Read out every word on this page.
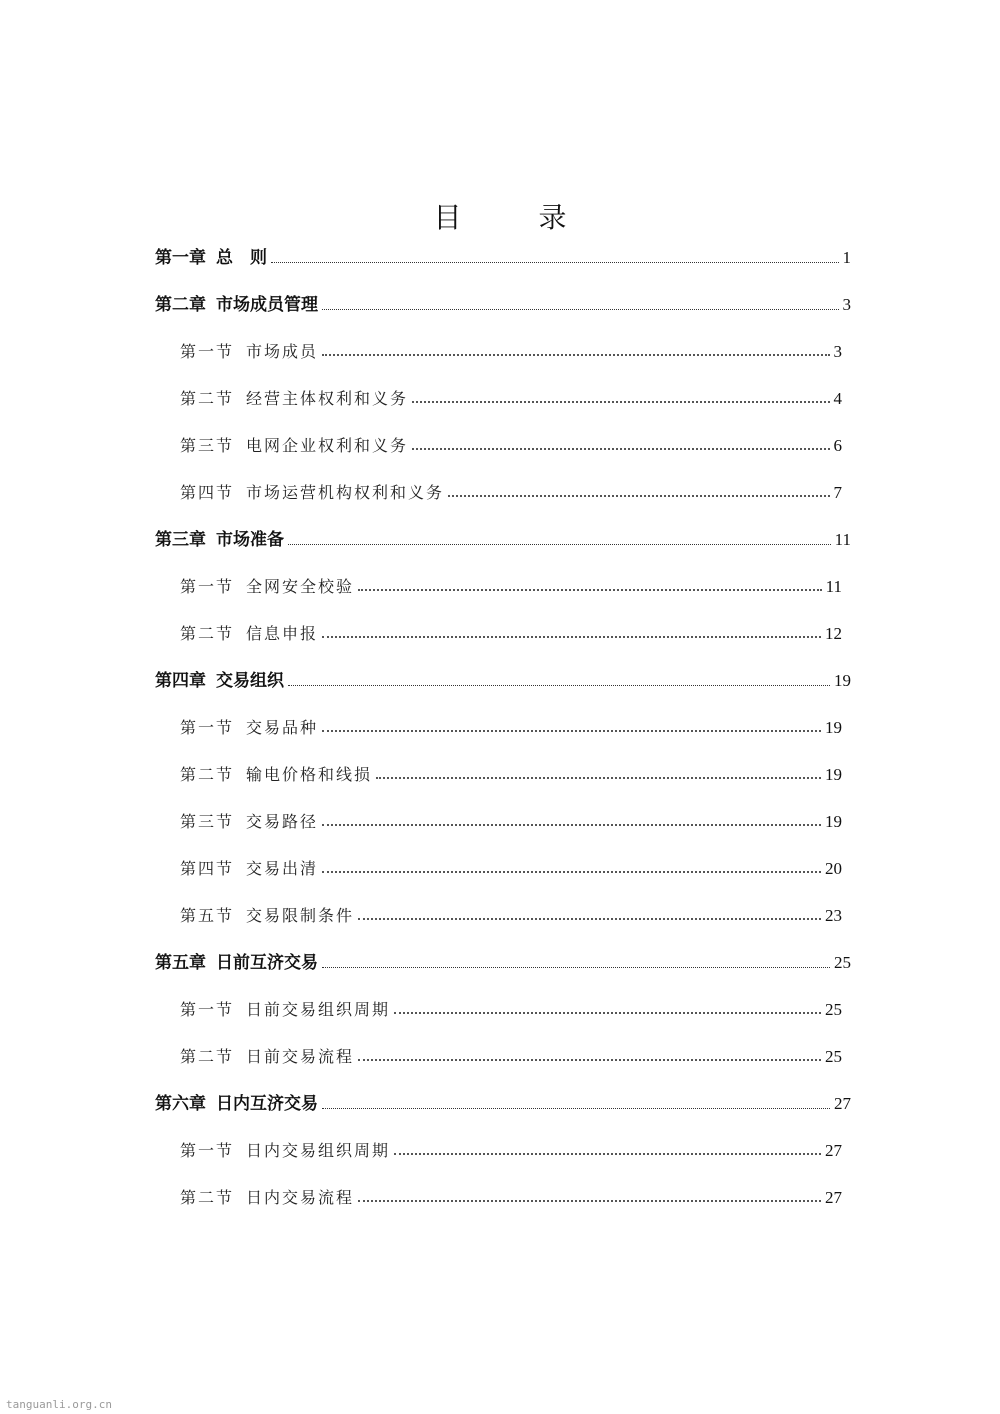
目 录
第一章 总　则	1
第二章 市场成员管理	3
第一节 市场成员	3
第二节 经营主体权利和义务	4
第三节 电网企业权利和义务	6
第四节 市场运营机构权利和义务	7
第三章 市场准备	11
第一节 全网安全校验	11
第二节 信息申报	12
第四章 交易组织	19
第一节 交易品种	19
第二节 输电价格和线损	19
第三节 交易路径	19
第四节 交易出清	20
第五节 交易限制条件	23
第五章 日前互济交易	25
第一节 日前交易组织周期	25
第二节 日前交易流程	25
第六章 日内互济交易	27
第一节 日内交易组织周期	27
第二节 日内交易流程	27
tanguanli.org.cn
